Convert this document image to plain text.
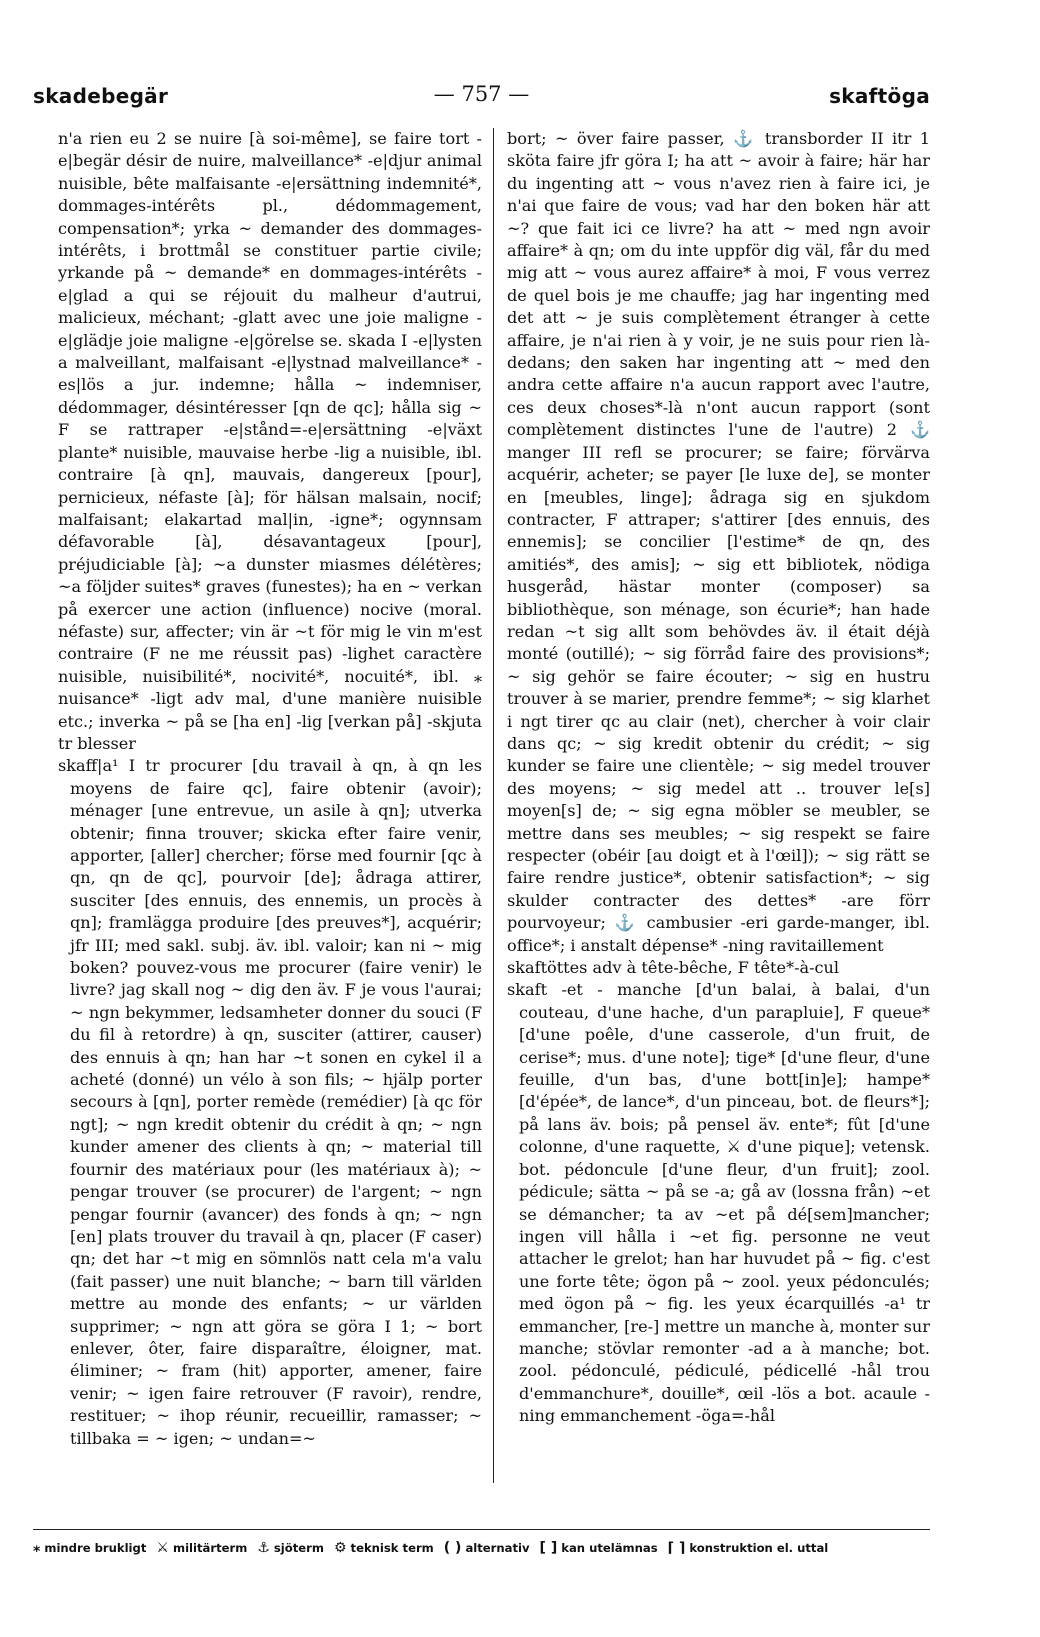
skadebegär	— 757 —	skaftöga

n'a rien eu 2 se nuire [à soi-même], se faire tort -e|begär désir de nuire, malveillance* -e|djur animal nuisible, bête malfaisante -e|ersättning indemnité*, dommages-intérêts pl., dédommagement, compensation*; yrka ~ demander des dommages-intérêts, i brottmål se constituer partie civile; yrkande på ~ demande* en dommages-intérêts -e|glad a qui se réjouit du malheur d'autrui, malicieux, méchant; -glatt avec une joie maligne -e|glädje joie maligne -e|görelse se. skada I -e|lysten a malveillant, malfaisant -e|lystnad malveillance* -es|lös a jur. indemne; hålla ~ indemniser, dédommager, désintéresser [qn de qc]; hålla sig ~ F se rattraper -e|stånd=-e|ersättning -e|växt plante* nuisible, mauvaise herbe -lig a nuisible, ibl. contraire [à qn], mauvais, dangereux [pour], pernicieux, néfaste [à]; för hälsan malsain, nocif; malfaisant; elakartad mal|in, -igne*; ogynnsam défavorable [à], désavantageux [pour], préjudiciable [à]; ~a dunster miasmes délétères; ~a följder suites* graves (funestes); ha en ~ verkan på exercer une action (influence) nocive (moral. néfaste) sur, affecter; vin är ~t för mig le vin m'est contraire (F ne me réussit pas) -lighet caractère nuisible, nuisibilité*, nocivité*, nocuité*, ibl. ⁎ nuisance* -ligt adv mal, d'une manière nuisible etc.; inverka ~ på se [ha en] -lig [verkan på] -skjuta tr blesser

skaff|a¹ I tr procurer [du travail à qn, à qn les moyens de faire qc], faire obtenir (avoir); ménager [une entrevue, un asile à qn]; utverka obtenir; finna trouver; skicka efter faire venir, apporter, [aller] chercher; förse med fournir [qc à qn, qn de qc], pourvoir [de]; ådraga attirer, susciter [des ennuis, des ennemis, un procès à qn]; framlägga produire [des preuves*], acquérir; jfr III; med sakl. subj. äv. ibl. valoir; kan ni ~ mig boken? pouvez-vous me procurer (faire venir) le livre? jag skall nog ~ dig den äv. F je vous l'aurai; ~ ngn bekymmer, ledsamheter donner du souci (F du fil à retordre) à qn, susciter (attirer, causer) des ennuis à qn; han har ~t sonen en cykel il a acheté (donné) un vélo à son fils; ~ hjälp porter secours à [qn], porter remède (remédier) [à qc för ngt]; ~ ngn kredit obtenir du crédit à qn; ~ ngn kunder amener des clients à qn; ~ material till fournir des matériaux pour (les matériaux à); ~ pengar trouver (se procurer) de l'argent; ~ ngn pengar fournir (avancer) des fonds à qn; ~ ngn [en] plats trouver du travail à qn, placer (F caser) qn; det har ~t mig en sömnlös natt cela m'a valu (fait passer) une nuit blanche; ~ barn till världen mettre au monde des enfants; ~ ur världen supprimer; ~ ngn att göra se göra I 1; ~ bort enlever, ôter, faire disparaître, éloigner, mat. éliminer; ~ fram (hit) apporter, amener, faire venir; ~ igen faire retrouver (F ravoir), rendre, restituer; ~ ihop réunir, recueillir, ramasser; ~ tillbaka = ~ igen; ~ undan=~

bort; ~ över faire passer, ⚓ transborder II itr 1 sköta faire jfr göra I; ha att ~ avoir à faire; här har du ingenting att ~ vous n'avez rien à faire ici, je n'ai que faire de vous; vad har den boken här att ~? que fait ici ce livre? ha att ~ med ngn avoir affaire* à qn; om du inte uppför dig väl, får du med mig att ~ vous aurez affaire* à moi, F vous verrez de quel bois je me chauffe; jag har ingenting med det att ~ je suis complètement étranger à cette affaire, je n'ai rien à y voir, je ne suis pour rien là-dedans; den saken har ingenting att ~ med den andra cette affaire n'a aucun rapport avec l'autre, ces deux choses*-là n'ont aucun rapport (sont complètement distinctes l'une de l'autre) 2 ⚓ manger III refl se procurer; se faire; förvärva acquérir, acheter; se payer [le luxe de], se monter en [meubles, linge]; ådraga sig en sjukdom contracter, F attraper; s'attirer [des ennuis, des ennemis]; se concilier [l'estime* de qn, des amitiés*, des amis]; ~ sig ett bibliotek, nödiga husgeråd, hästar monter (composer) sa bibliothèque, son ménage, son écurie*; han hade redan ~t sig allt som behövdes äv. il était déjà monté (outillé); ~ sig förråd faire des provisions*; ~ sig gehör se faire écouter; ~ sig en hustru trouver à se marier, prendre femme*; ~ sig klarhet i ngt tirer qc au clair (net), chercher à voir clair dans qc; ~ sig kredit obtenir du crédit; ~ sig kunder se faire une clientèle; ~ sig medel trouver des moyens; ~ sig medel att .. trouver le[s] moyen[s] de; ~ sig egna möbler se meubler, se mettre dans ses meubles; ~ sig respekt se faire respecter (obéir [au doigt et à l'œil]); ~ sig rätt se faire rendre justice*, obtenir satisfaction*; ~ sig skulder contracter des dettes* -are förr pourvoyeur; ⚓ cambusier -eri garde-manger, ibl. office*; i anstalt dépense* -ning ravitaillement

skaftöttes adv à tête-bêche, F tête*-à-cul

skaft -et - manche [d'un balai, à balai, d'un couteau, d'une hache, d'un parapluie], F queue* [d'une poêle, d'une casserole, d'un fruit, de cerise*; mus. d'une note]; tige* [d'une fleur, d'une feuille, d'un bas, d'une bott[in]e]; hampe* [d'épée*, de lance*, d'un pinceau, bot. de fleurs*]; på lans äv. bois; på pensel äv. ente*; fût [d'une colonne, d'une raquette, ⚔ d'une pique]; vetensk. bot. pédoncule [d'une fleur, d'un fruit]; zool. pédicule; sätta ~ på se -a; gå av (lossna från) ~et se démancher; ta av ~et på dé[sem]mancher; ingen vill hålla i ~et fig. personne ne veut attacher le grelot; han har huvudet på ~ fig. c'est une forte tête; ögon på ~ zool. yeux pédonculés; med ögon på ~ fig. les yeux écarquillés -a¹ tr emmancher, [re-] mettre un manche à, monter sur manche; stövlar remonter -ad a à manche; bot. zool. pédonculé, pédiculé, pédicellé -hål trou d'emmanchure*, douille*, œil -lös a bot. acaule -ning emmanchement -öga=-hål

⁎ mindre brukligt ⚔ militärterm ⚓ sjöterm ⚙ teknisk term ( ) alternativ [ ] kan utelämnas ⌈ ⌉ konstruktion el. uttal
